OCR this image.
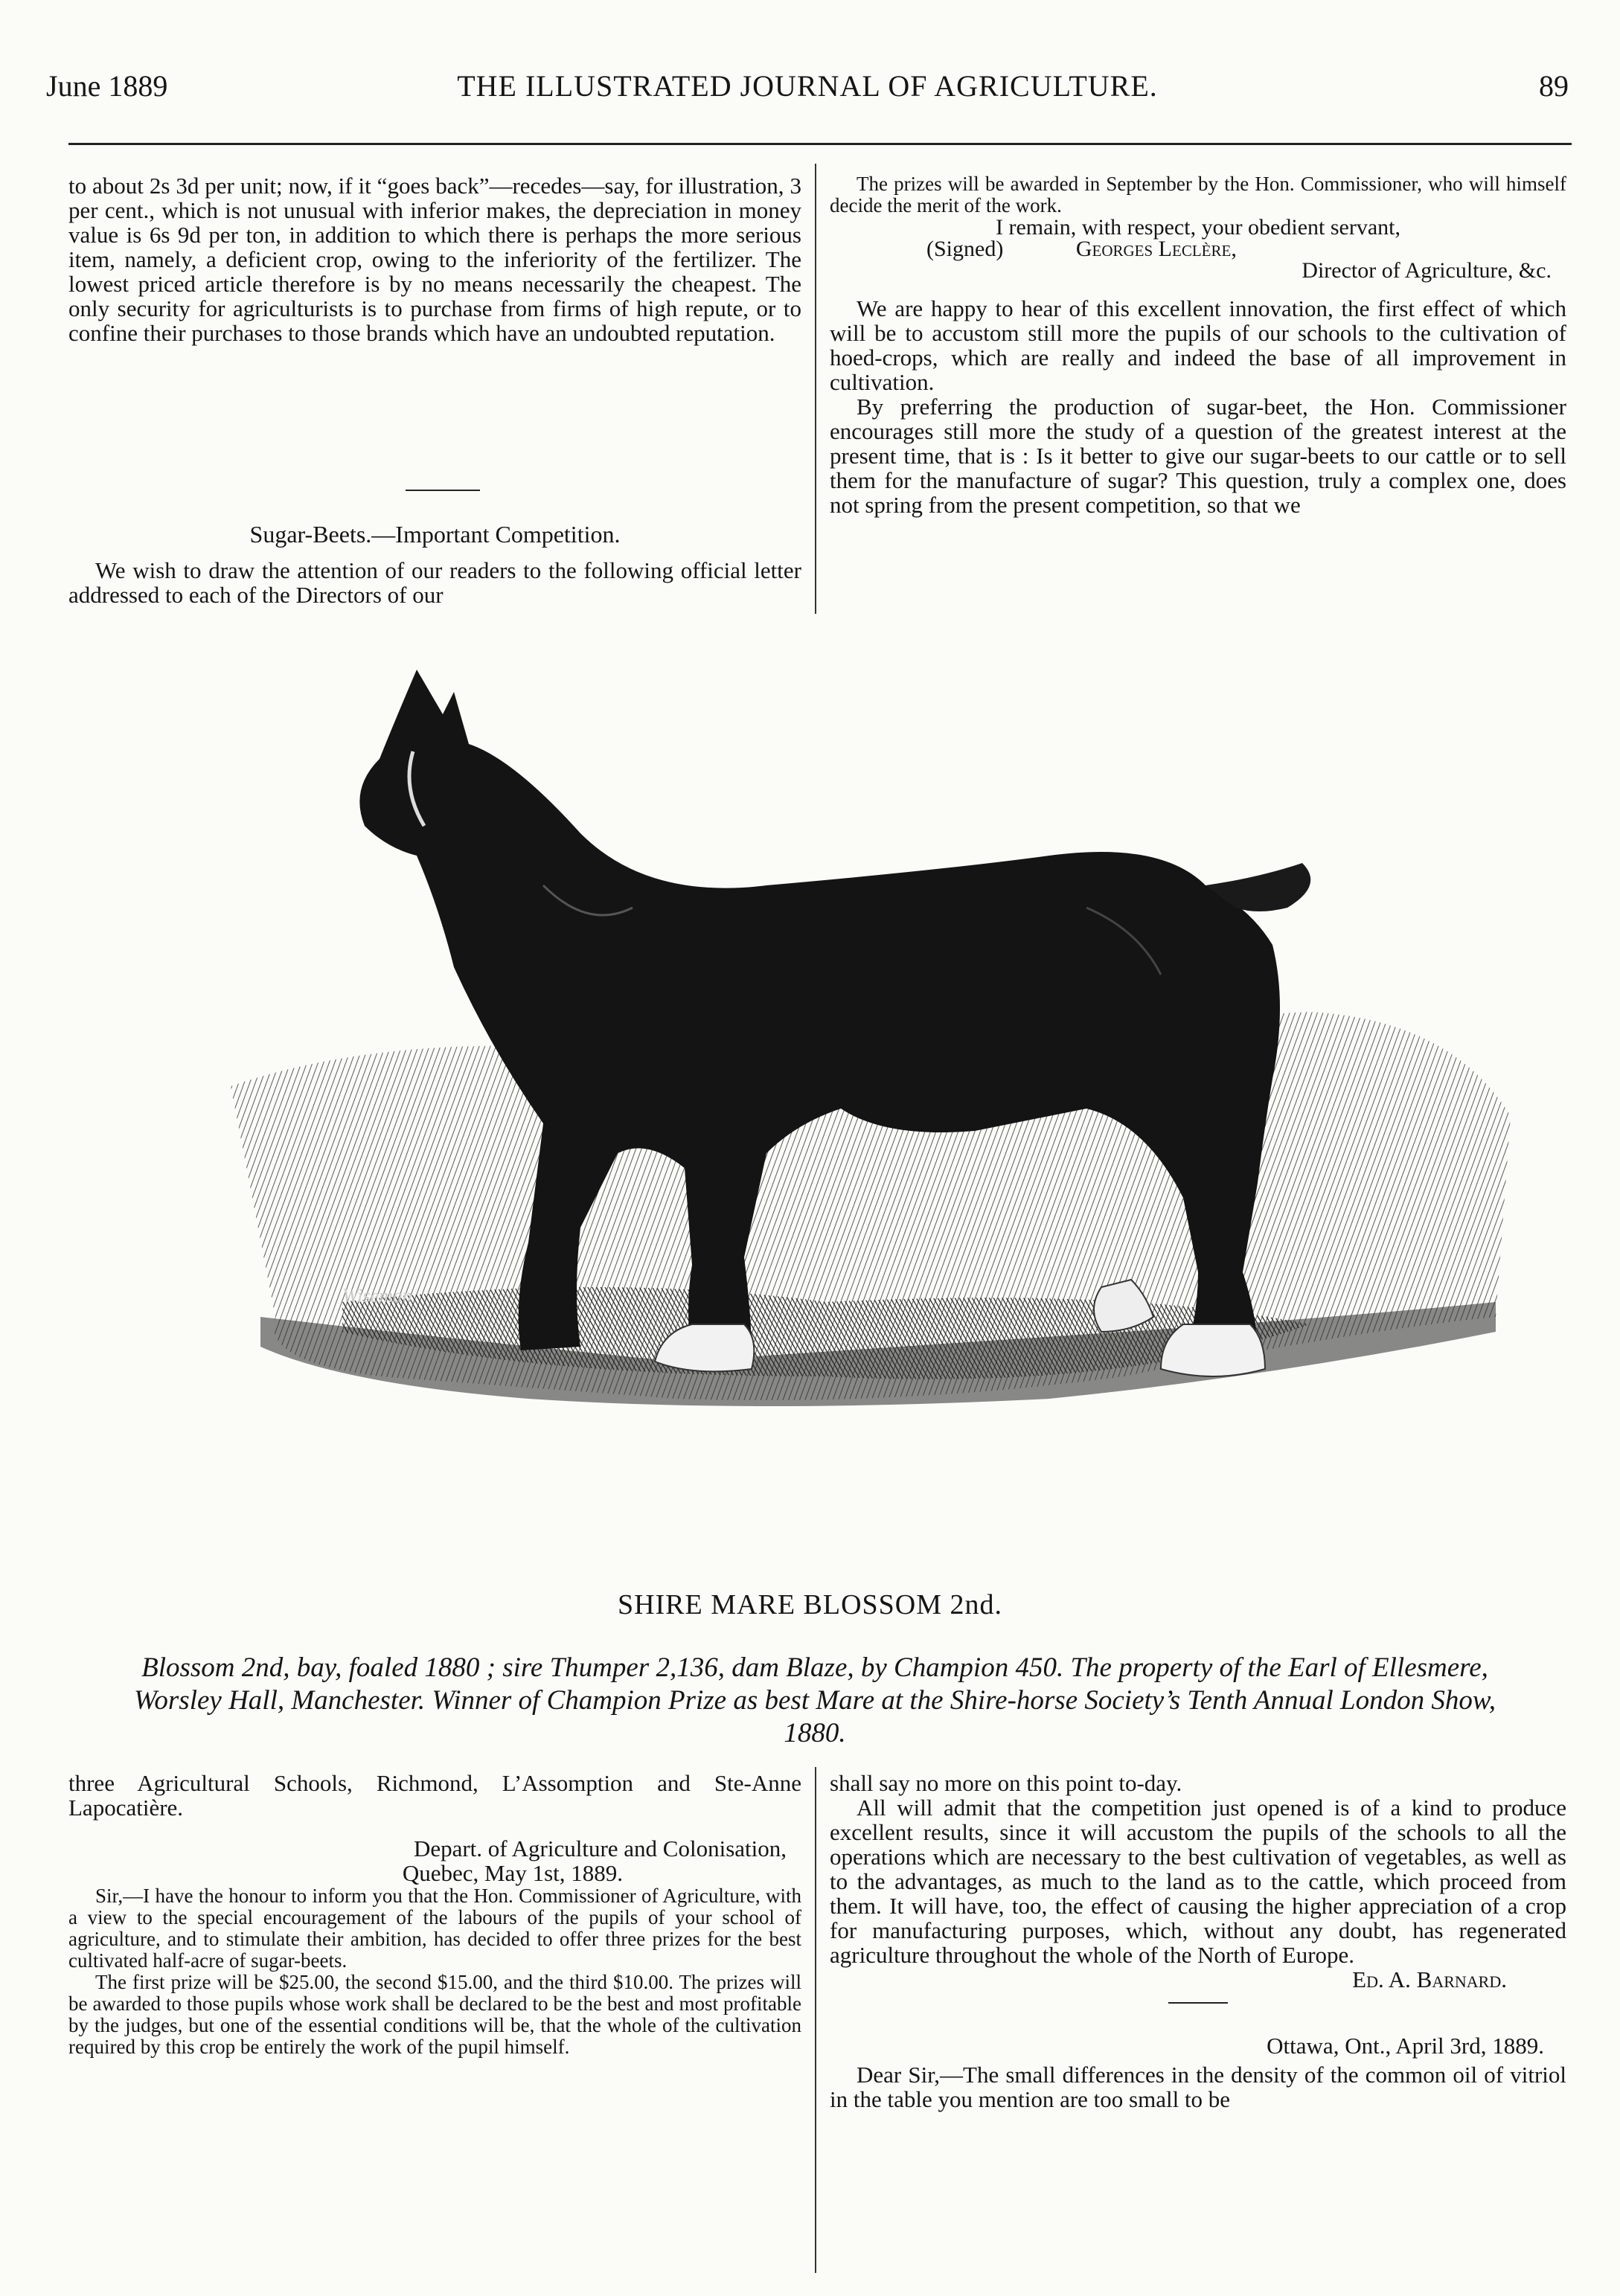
June 1889	THE ILLUSTRATED JOURNAL OF AGRICULTURE.	89

to about 2s 3d per unit; now, if it “goes back”—recedes—say, for illustration, 3 per cent., which is not unusual with inferior makes, the depreciation in money value is 6s 9d per ton, in addition to which there is perhaps the more serious item, namely, a deficient crop, owing to the inferiority of the fertilizer. The lowest priced article therefore is by no means necessarily the cheapest. The only security for agriculturists is to purchase from firms of high repute, or to confine their purchases to those brands which have an undoubted reputation.

Sugar-Beets.—Important Competition.

We wish to draw the attention of our readers to the following official letter addressed to each of the Directors of our

The prizes will be awarded in September by the Hon. Commissioner, who will himself decide the merit of the work.

I remain, with respect, your obedient servant,

(Signed)	Georges Leclère,

Director of Agriculture, &c.

We are happy to hear of this excellent innovation, the first effect of which will be to accustom still more the pupils of our schools to the cultivation of hoed-crops, which are really and indeed the base of all improvement in cultivation.

By preferring the production of sugar-beet, the Hon. Commissioner encourages still more the study of a question of the greatest interest at the present time, that is : Is it better to give our sugar-beets to our cattle or to sell them for the manufacture of sugar? This question, truly a complex one, does not spring from the present competition, so that we

Wiseman
SHIRE MARE BLOSSOM 2nd.
Blossom 2nd, bay, foaled 1880 ; sire Thumper 2,136, dam Blaze, by Champion 450. The property of the Earl of Ellesmere, Worsley Hall, Manchester. Winner of Champion Prize as best Mare at the Shire-horse Society’s Tenth Annual London Show, 1880.

three Agricultural Schools, Richmond, L’Assomption and Ste-Anne Lapocatière.

Depart. of Agriculture and Colonisation,

Quebec, May 1st, 1889.

Sir,—I have the honour to inform you that the Hon. Commissioner of Agriculture, with a view to the special encouragement of the labours of the pupils of your school of agriculture, and to stimulate their ambition, has decided to offer three prizes for the best cultivated half-acre of sugar-beets.

The first prize will be $25.00, the second $15.00, and the third $10.00. The prizes will be awarded to those pupils whose work shall be declared to be the best and most profitable by the judges, but one of the essential conditions will be, that the whole of the cultivation required by this crop be entirely the work of the pupil himself.

shall say no more on this point to-day.

All will admit that the competition just opened is of a kind to produce excellent results, since it will accustom the pupils of the schools to all the operations which are necessary to the best cultivation of vegetables, as well as to the advantages, as much to the land as to the cattle, which proceed from them. It will have, too, the effect of causing the higher appreciation of a crop for manufacturing purposes, which, without any doubt, has regenerated agriculture throughout the whole of the North of Europe.

Ed. A. Barnard.

Ottawa, Ont., April 3rd, 1889.

Dear Sir,—The small differences in the density of the common oil of vitriol in the table you mention are too small to be
